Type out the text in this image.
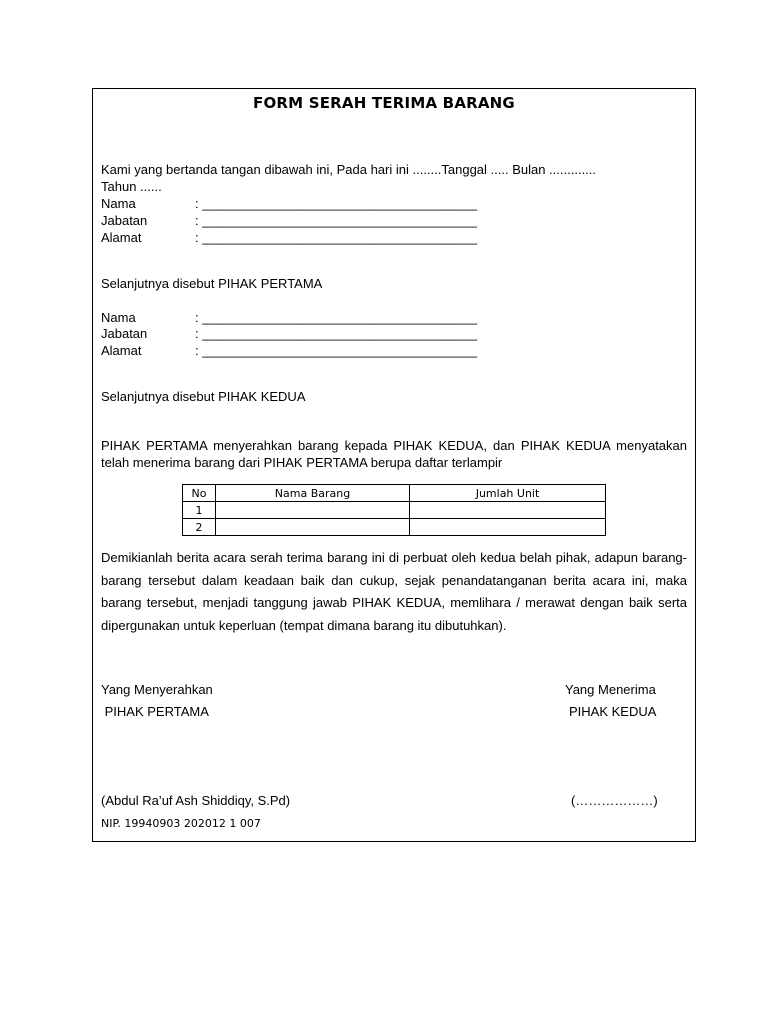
FORM SERAH TERIMA BARANG
Kami yang bertanda tangan dibawah ini, Pada hari ini ........Tanggal ..... Bulan .............
Tahun ......
Nama	: ______________________________________
Jabatan	: ______________________________________
Alamat	: ______________________________________
Selanjutnya disebut PIHAK PERTAMA
Nama	: ______________________________________
Jabatan	: ______________________________________
Alamat	: ______________________________________
Selanjutnya disebut PIHAK KEDUA
PIHAK PERTAMA menyerahkan barang kepada PIHAK KEDUA, dan PIHAK KEDUA menyatakan telah menerima barang dari PIHAK PERTAMA berupa daftar terlampir
No	Nama Barang	Jumlah Unit
1		
2		
Demikianlah berita acara serah terima barang ini di perbuat oleh kedua belah pihak, adapun barang-barang tersebut dalam keadaan baik dan cukup, sejak penandatanganan berita acara ini, maka barang tersebut, menjadi tanggung jawab PIHAK KEDUA, memlihara / merawat dengan baik serta dipergunakan untuk keperluan (tempat dimana barang itu dibutuhkan).
Yang Menyerahkan
PIHAK PERTAMA
Yang Menerima
PIHAK KEDUA
(Abdul Ra’uf Ash Shiddiqy, S.Pd)	(………………)
NIP. 19940903 202012 1 007
